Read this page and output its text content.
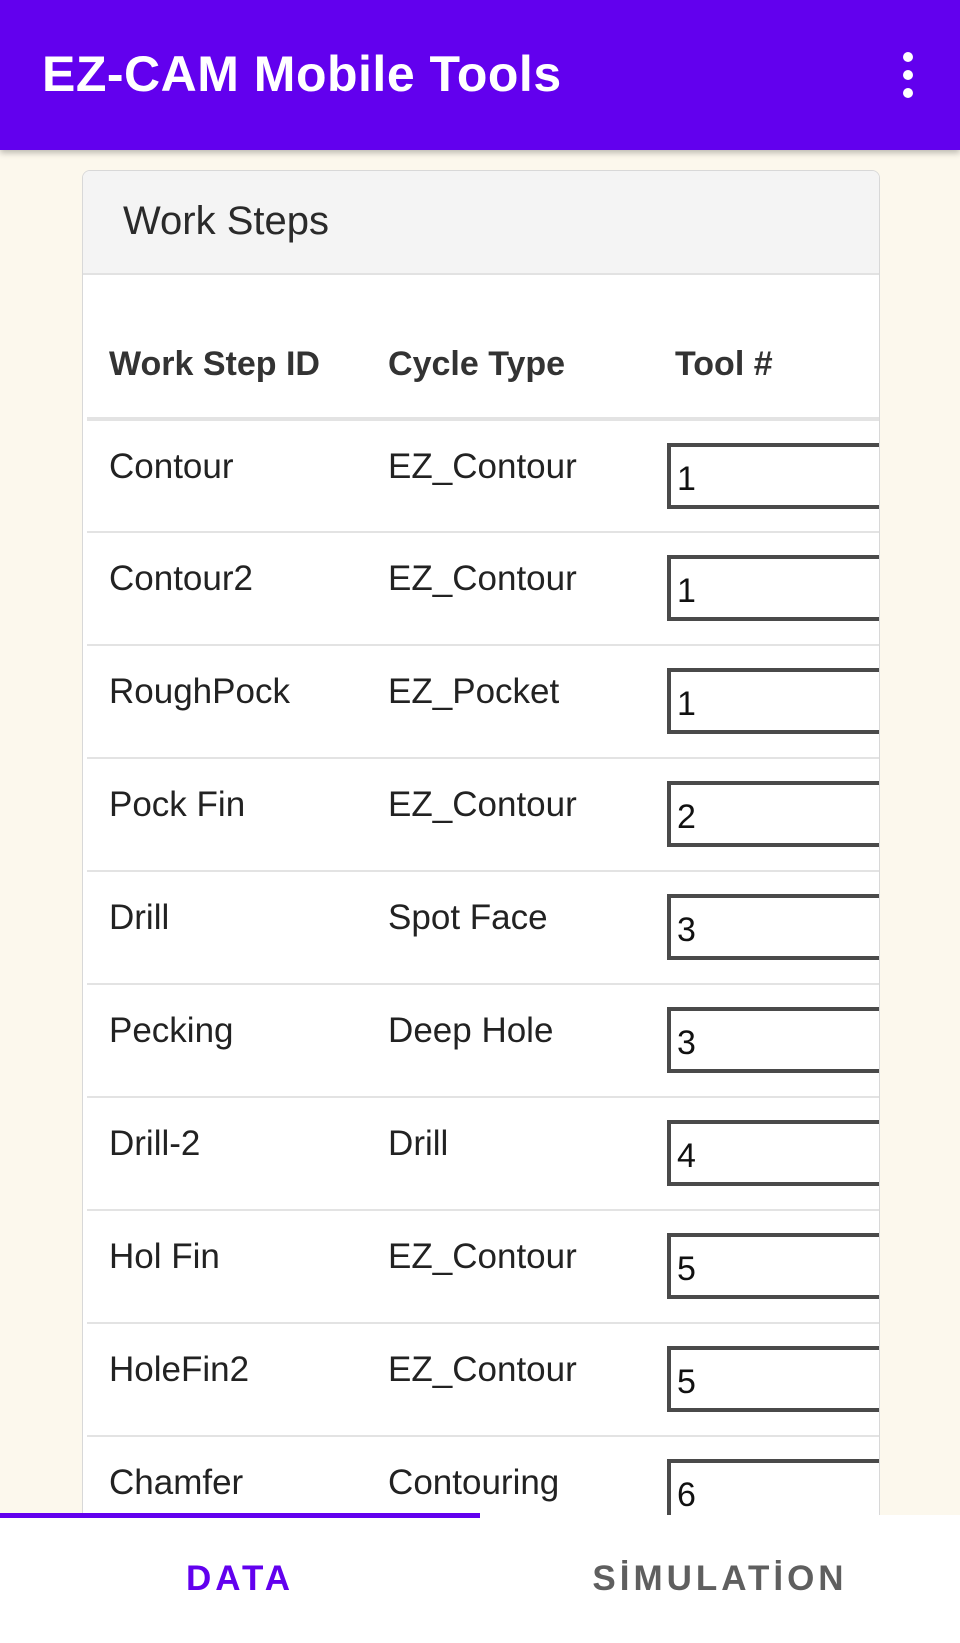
EZ-CAM Mobile Tools
Work Steps
Work Step ID	Cycle Type	Tool #
Contour	EZ_Contour	1
Contour2	EZ_Contour	1
RoughPock	EZ_Pocket	1
Pock Fin	EZ_Contour	2
Drill	Spot Face	3
Pecking	Deep Hole	3
Drill-2	Drill	4
Hol Fin	EZ_Contour	5
HoleFin2	EZ_Contour	5
Chamfer	Contouring	6
DATA	SİMULATİON
